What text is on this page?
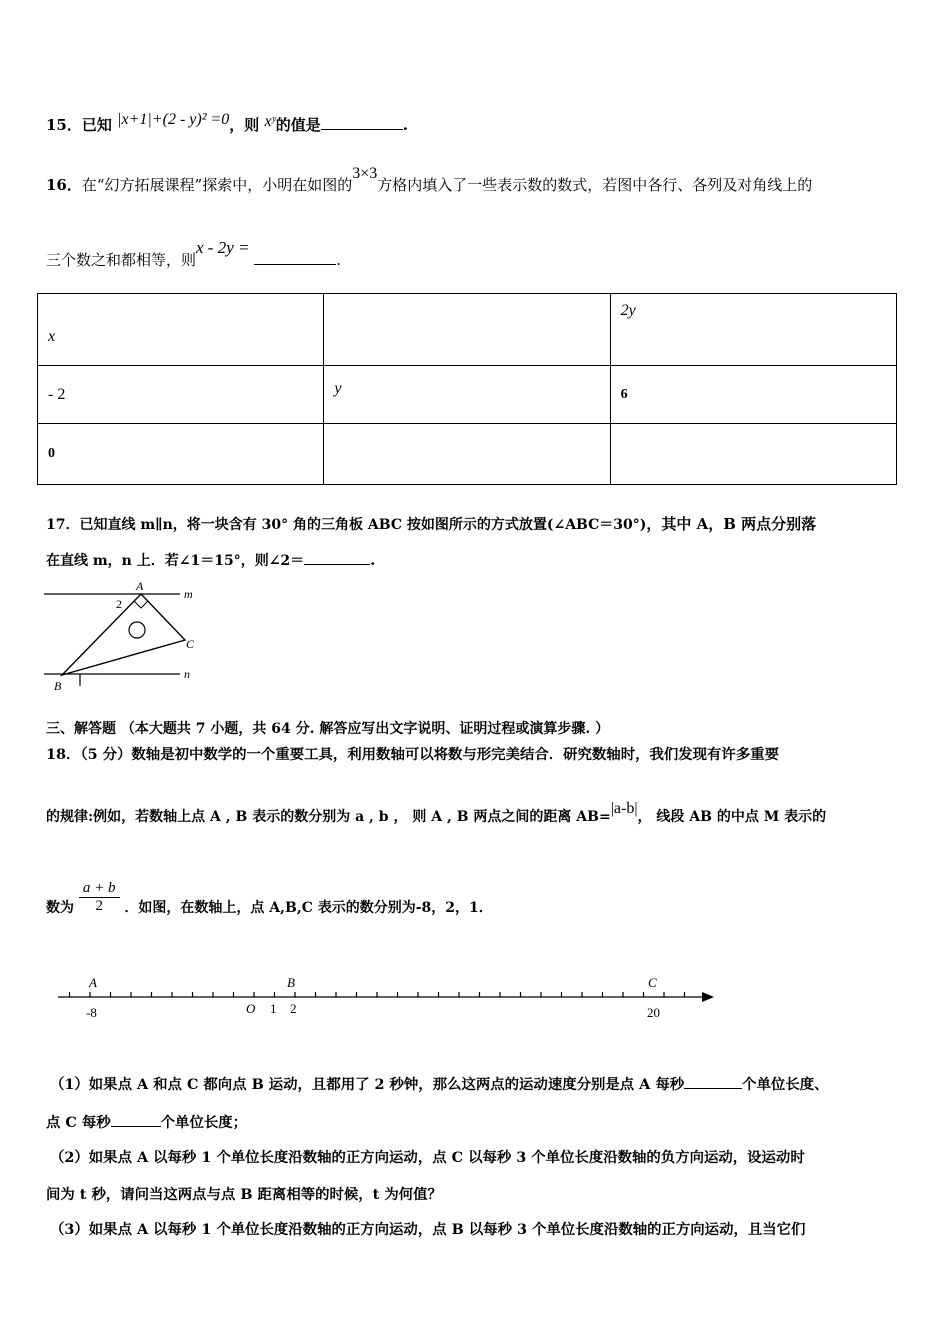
15．已知 |x+1|+(2 - y)² =0，则 xʸ的值是	.
16．在“幻方拓展课程”探索中，小明在如图的3×3方格内填入了一些表示数的数式，若图中各行、各列及对角线上的
三个数之和都相等，则x - 2y = .
x		2y
- 2	y	6
0		
17．已知直线 m∥n，将一块含有 30° 角的三角板 ABC 按如图所示的方式放置(∠ABC＝30°)，其中 A，B 两点分别落
在直线 m，n 上．若∠1＝15°，则∠2＝	.
A
B
C
m
n
2
三、解答题 （本大题共 7 小题，共 64 分. 解答应写出文字说明、证明过程或演算步骤. ）
18．（5 分）数轴是初中数学的一个重要工具，利用数轴可以将数与形完美结合．研究数轴时，我们发现有许多重要
的规律:例如，若数轴上点 A , B 表示的数分别为 a , b ， 则 A , B 两点之间的距离 AB=|a-b|， 线段 AB 的中点 M 表示的
数为 $\frac{a + b}{2}$ ．如图，在数轴上，点 A,B,C 表示的数分别为-8，2，1．
A	B	C
O
-8	1 2	20
（1）如果点 A 和点 C 都向点 B 运动，且都用了 2 秒钟，那么这两点的运动速度分别是点 A 每秒	个单位长度、
点 C 每秒	个单位长度；
（2）如果点 A 以每秒 1 个单位长度沿数轴的正方向运动，点 C 以每秒 3 个单位长度沿数轴的负方向运动，设运动时
间为 t 秒，请问当这两点与点 B 距离相等的时候，t 为何值？
（3）如果点 A 以每秒 1 个单位长度沿数轴的正方向运动，点 B 以每秒 3 个单位长度沿数轴的正方向运动，且当它们
